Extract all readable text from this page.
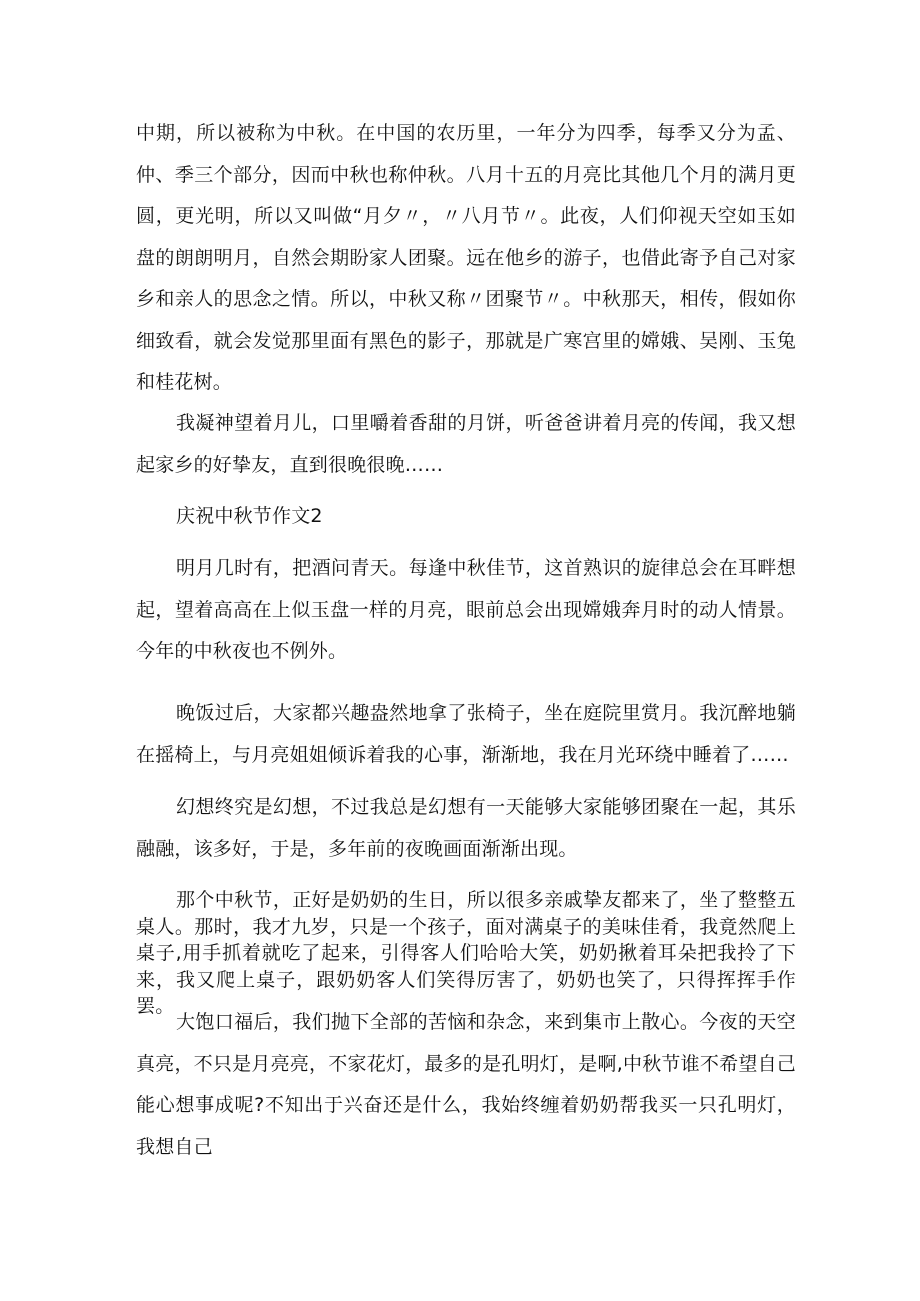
中期，所以被称为中秋。在中国的农历里，一年分为四季，每季又分为孟、仲、季三个部分，因而中秋也称仲秋。八月十五的月亮比其他几个月的满月更圆，更光明，所以又叫做“月夕〃，〃八月节〃。此夜，人们仰视天空如玉如盘的朗朗明月，自然会期盼家人团聚。远在他乡的游子，也借此寄予自己对家乡和亲人的思念之情。所以，中秋又称〃团聚节〃。中秋那天，相传，假如你细致看，就会发觉那里面有黑色的影子，那就是广寒宫里的嫦娥、吴刚、玉兔和桂花树。

我凝神望着月儿，口里嚼着香甜的月饼，听爸爸讲着月亮的传闻，我又想起家乡的好挚友，直到很晚很晚……

庆祝中秋节作文2

明月几时有，把酒问青天。每逢中秋佳节，这首熟识的旋律总会在耳畔想起，望着高高在上似玉盘一样的月亮，眼前总会出现嫦娥奔月时的动人情景。今年的中秋夜也不例外。

晚饭过后，大家都兴趣盎然地拿了张椅子，坐在庭院里赏月。我沉醉地躺在摇椅上，与月亮姐姐倾诉着我的心事，渐渐地，我在月光环绕中睡着了……

幻想终究是幻想，不过我总是幻想有一天能够大家能够团聚在一起，其乐融融，该多好，于是，多年前的夜晚画面渐渐出现。

那个中秋节，正好是奶奶的生日，所以很多亲戚挚友都来了，坐了整整五桌人。那时，我才九岁，只是一个孩子，面对满桌子的美味佳肴，我竟然爬上桌子,用手抓着就吃了起来，引得客人们哈哈大笑，奶奶揪着耳朵把我拎了下来，我又爬上桌子，跟奶奶客人们笑得厉害了，奶奶也笑了，只得挥挥手作罢。

大饱口福后，我们抛下全部的苦恼和杂念，来到集市上散心。今夜的天空真亮，不只是月亮亮，不家花灯，最多的是孔明灯，是啊,中秋节谁不希望自己能心想事成呢?不知出于兴奋还是什么，我始终缠着奶奶帮我买一只孔明灯，我想自己
